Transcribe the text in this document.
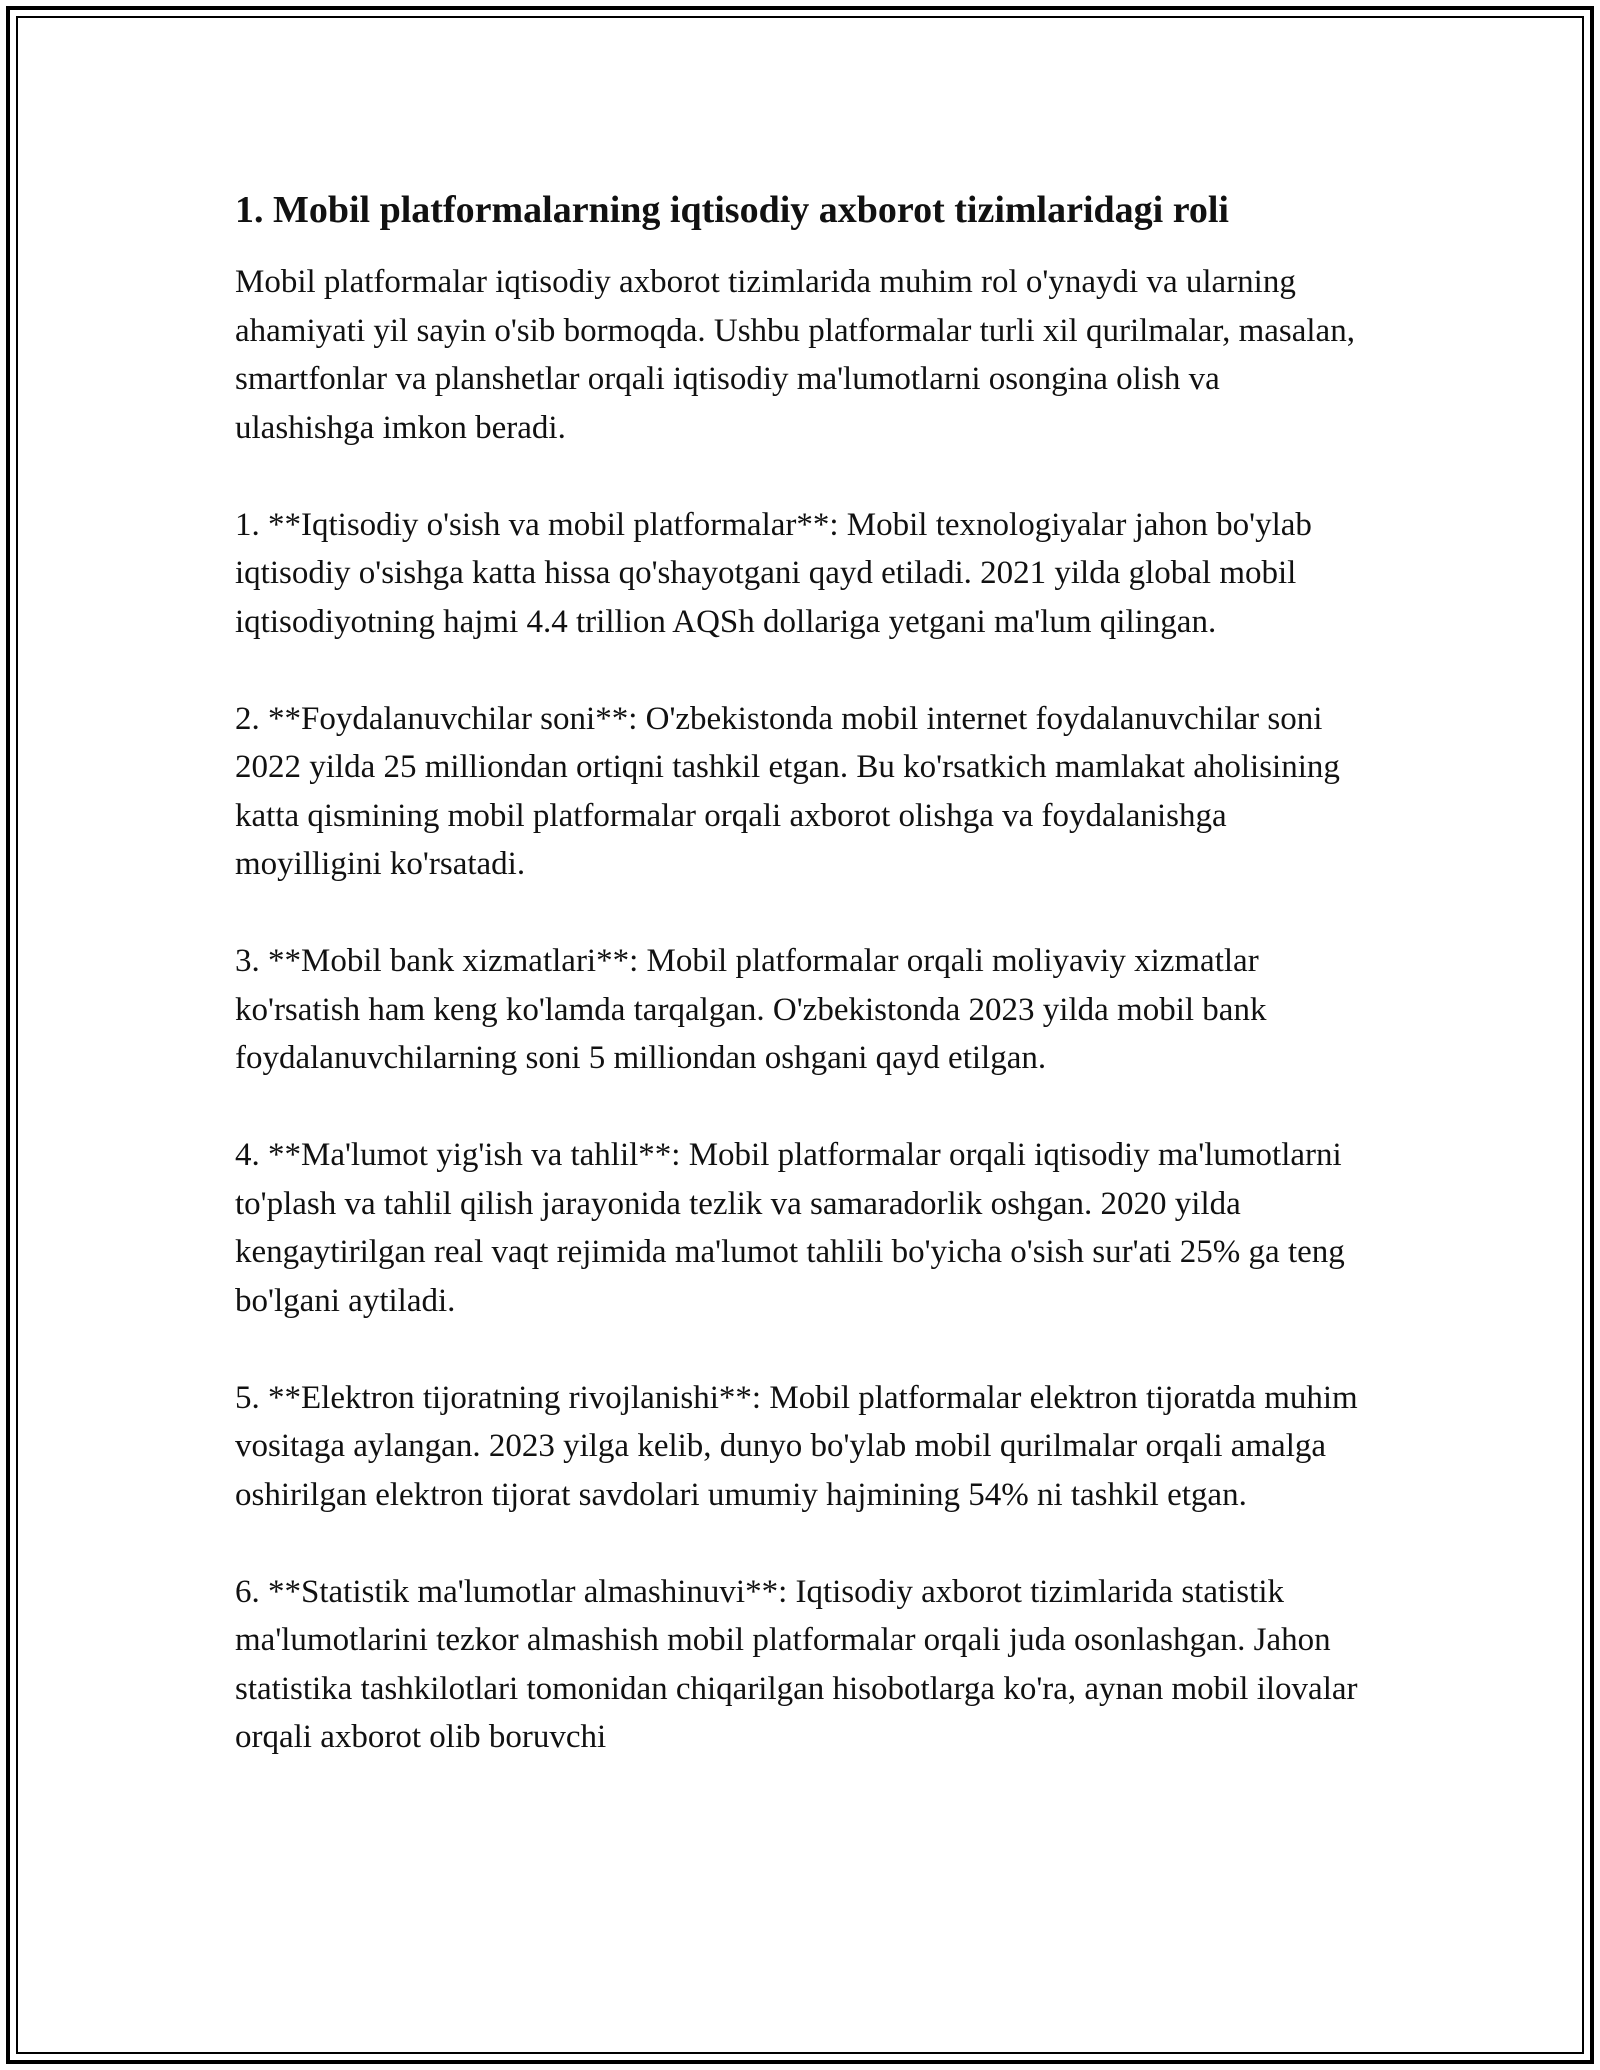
1. Mobil platformalarning iqtisodiy axborot tizimlaridagi roli

Mobil platformalar iqtisodiy axborot tizimlarida muhim rol o'ynaydi va ularning ahamiyati yil sayin o'sib bormoqda. Ushbu platformalar turli xil qurilmalar, masalan, smartfonlar va planshetlar orqali iqtisodiy ma'lumotlarni osongina olish va ulashishga imkon beradi.

1. **Iqtisodiy o'sish va mobil platformalar**: Mobil texnologiyalar jahon bo'ylab iqtisodiy o'sishga katta hissa qo'shayotgani qayd etiladi. 2021 yilda global mobil iqtisodiyotning hajmi 4.4 trillion AQSh dollariga yetgani ma'lum qilingan.

2. **Foydalanuvchilar soni**: O'zbekistonda mobil internet foydalanuvchilar soni 2022 yilda 25 milliondan ortiqni tashkil etgan. Bu ko'rsatkich mamlakat aholisining katta qismining mobil platformalar orqali axborot olishga va foydalanishga moyilligini ko'rsatadi.

3. **Mobil bank xizmatlari**: Mobil platformalar orqali moliyaviy xizmatlar ko'rsatish ham keng ko'lamda tarqalgan. O'zbekistonda 2023 yilda mobil bank foydalanuvchilarning soni 5 milliondan oshgani qayd etilgan.

4. **Ma'lumot yig'ish va tahlil**: Mobil platformalar orqali iqtisodiy ma'lumotlarni to'plash va tahlil qilish jarayonida tezlik va samaradorlik oshgan. 2020 yilda kengaytirilgan real vaqt rejimida ma'lumot tahlili bo'yicha o'sish sur'ati 25% ga teng bo'lgani aytiladi.

5. **Elektron tijoratning rivojlanishi**: Mobil platformalar elektron tijoratda muhim vositaga aylangan. 2023 yilga kelib, dunyo bo'ylab mobil qurilmalar orqali amalga oshirilgan elektron tijorat savdolari umumiy hajmining 54% ni tashkil etgan.

6. **Statistik ma'lumotlar almashinuvi**: Iqtisodiy axborot tizimlarida statistik ma'lumotlarini tezkor almashish mobil platformalar orqali juda osonlashgan. Jahon statistika tashkilotlari tomonidan chiqarilgan hisobotlarga ko'ra, aynan mobil ilovalar orqali axborot olib boruvchi
